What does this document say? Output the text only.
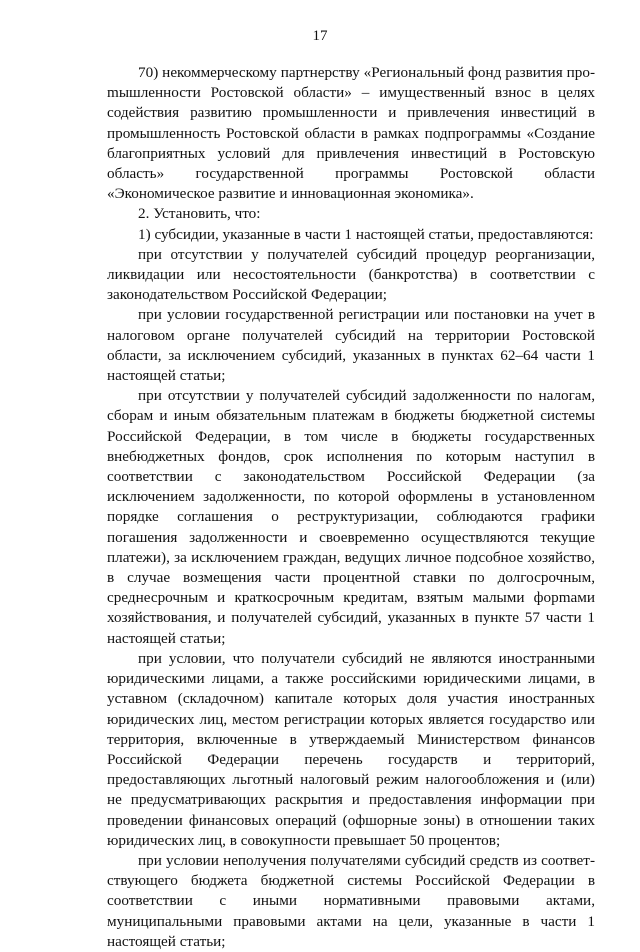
17

70) некоммерческому партнерству «Региональный фонд развития проmышленности Ростовской области» – имущественный взнос в целях содействия развитию промышленности и привлечения инвестиций в промышленность Ростовской области в рамках подпрограммы «Создание благоприятных условий для привлечения инвестиций в Ростовскую область» государственной программы Ростовской области «Экономическое развитие и инновационная экономика».

2. Установить, что:

1) субсидии, указанные в части 1 настоящей статьи, предоставляются:

при отсутствии у получателей субсидий процедур реорганизации, ликвидации или несостоятельности (банкротства) в соответствии с законодательством Российской Федерации;

при условии государственной регистрации или постановки на учет в налоговом органе получателей субсидий на территории Ростовской области, за исключением субсидий, указанных в пунктах 62–64 части 1 настоящей статьи;

при отсутствии у получателей субсидий задолженности по налогам, сборам и иным обязательным платежам в бюджеты бюджетной системы Российской Федерации, в том числе в бюджеты государственных внебюджетных фондов, срок исполнения по которым наступил в соответствии с законодательством Российской Федерации (за исключением задолженности, по которой оформлены в установленном порядке соглашения о реструктуризации, соблюдаются графики погашения задолженности и своевременно осуществляются текущие платежи), за исключением граждан, ведущих личное подсобное хозяйство, в случае возмещения части процентной ставки по долгосрочным, среднесрочным и краткосрочным кредитам, взятым малыми форmами хозяйствования, и получателей субсидий, указанных в пункте 57 части 1 настоящей статьи;

при условии, что получатели субсидий не являются иностранными юридическими лицами, а также российскими юридическими лицами, в уставном (складочном) капитале которых доля участия иностранных юридических лиц, местом регистрации которых является государство или территория, включенные в утверждаемый Министерством финансов Российской Федерации перечень государств и территорий, предоставляющих льготный налоговый режим налогообложения и (или) не предусматривающих раскрытия и предоставления информации при проведении финансовых операций (офшорные зоны) в отношении таких юридических лиц, в совокупности превышает 50 процентов;

при условии неполучения получателями субсидий средств из соответствующего бюджета бюджетной системы Российской Федерации в соответствии с иными нормативными правовыми актами, муниципальными правовыми актами на цели, указанные в части 1 настоящей статьи;
